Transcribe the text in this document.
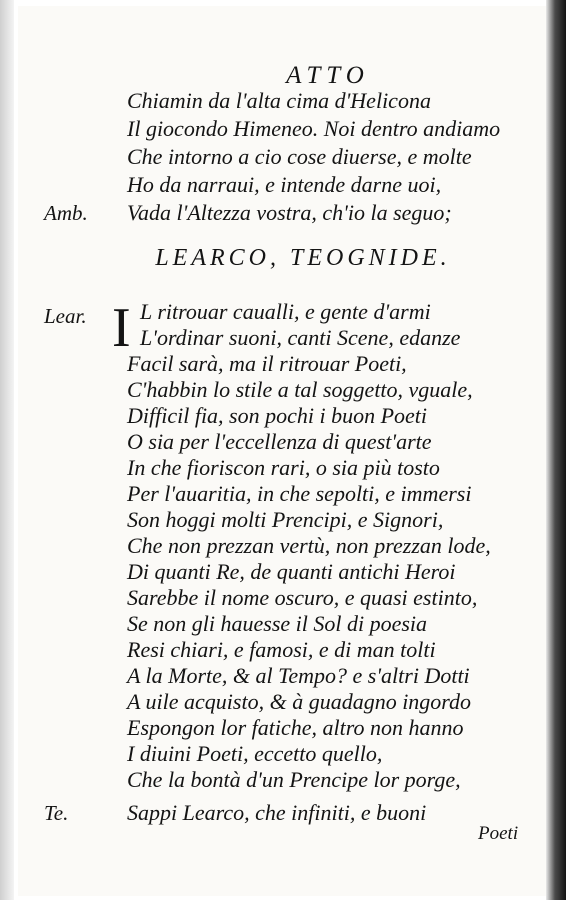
ATTO
Chiamin da l'alta cima d'Helicona
Il giocondo Himeneo. Noi dentro andiamo
Che intorno a cio cose diuerse, e molte
Ho da narraui, e intende darne uoi,
Amb. Vada l'Altezza vostra, ch'io la seguo;
LEARCO, TEOGNIDE.
Lear. I L ritrouar caualli, e gente d'armi
L'ordinar suoni, canti Scene, edanze
Facil sarà, ma il ritrouar Poeti,
C'habbin lo stile a tal soggetto, vguale,
Difficil fia, son pochi i buon Poeti
O sia per l'eccellenza di quest'arte
In che fioriscon rari, o sia più tosto
Per l'auaritia, in che sepolti, e immersi
Son hoggi molti Prencipi, e Signori,
Che non prezzan vertù, non prezzan lode,
Di quanti Re, de quanti antichi Heroi
Sarebbe il nome oscuro, e quasi estinto,
Se non gli hauesse il Sol di poesia
Resi chiari, e famosi, e di man tolti
A la Morte, & al Tempo? e s'altri Dotti
A uile acquisto, & à guadagno ingordo
Espongon lor fatiche, altro non hanno
I diuini Poeti, eccetto quello,
Che la bontà d'un Prencipe lor porge,
Te.	Sappi Learco, che infiniti, e buoni
Poeti
